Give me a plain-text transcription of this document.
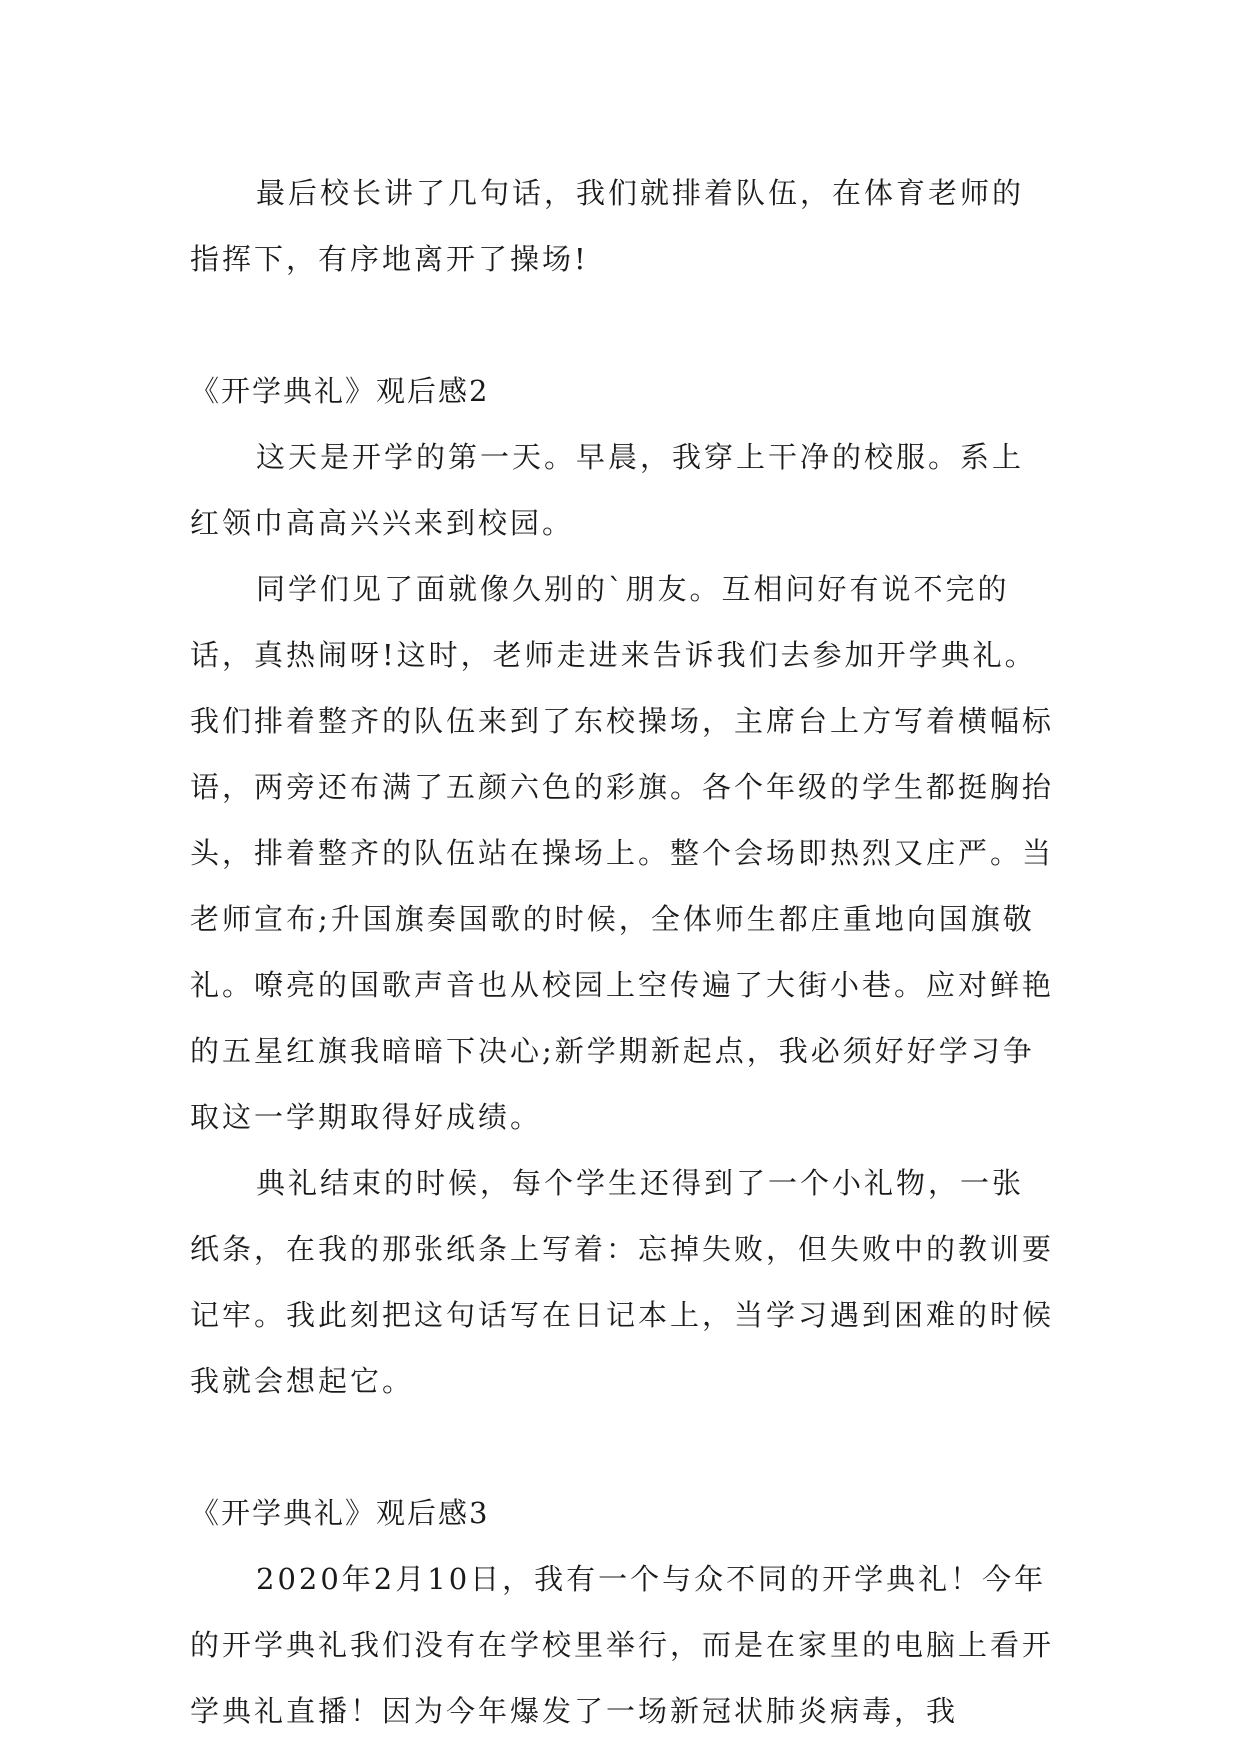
最后校长讲了几句话，我们就排着队伍，在体育老师的指挥下，有序地离开了操场!

《开学典礼》观后感2

这天是开学的第一天。早晨，我穿上干净的校服。系上红领巾高高兴兴来到校园。

同学们见了面就像久别的`朋友。互相问好有说不完的话，真热闹呀!这时，老师走进来告诉我们去参加开学典礼。我们排着整齐的队伍来到了东校操场，主席台上方写着横幅标语，两旁还布满了五颜六色的彩旗。各个年级的学生都挺胸抬头，排着整齐的队伍站在操场上。整个会场即热烈又庄严。当老师宣布;升国旗奏国歌的时候，全体师生都庄重地向国旗敬礼。嘹亮的国歌声音也从校园上空传遍了大街小巷。应对鲜艳的五星红旗我暗暗下决心;新学期新起点，我必须好好学习争取这一学期取得好成绩。

典礼结束的时候，每个学生还得到了一个小礼物，一张纸条，在我的那张纸条上写着：忘掉失败，但失败中的教训要记牢。我此刻把这句话写在日记本上，当学习遇到困难的时候我就会想起它。

《开学典礼》观后感3

2020年2月10日，我有一个与众不同的开学典礼！今年的开学典礼我们没有在学校里举行，而是在家里的电脑上看开学典礼直播！因为今年爆发了一场新冠状肺炎病毒，我
